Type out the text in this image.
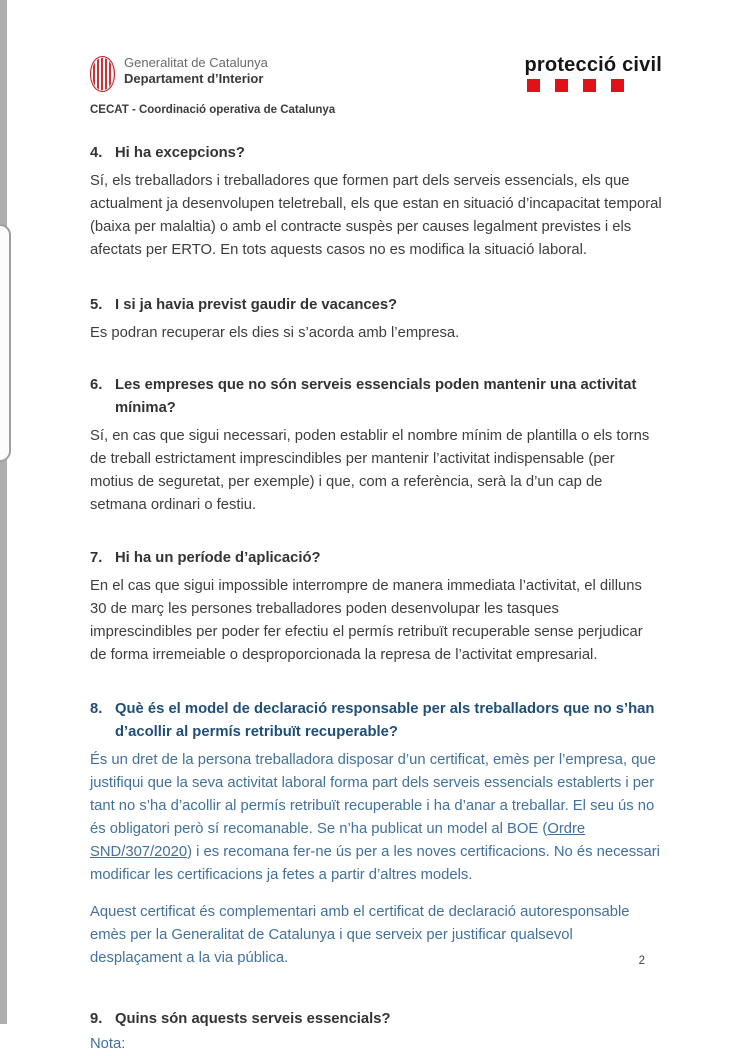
Generalitat de Catalunya
Departament d’Interior
protecció civil
CECAT - Coordinació operativa de Catalunya
4. Hi ha excepcions?

Sí, els treballadors i treballadores que formen part dels serveis essencials, els que actualment ja desenvolupen teletreball, els que estan en situació d’incapacitat temporal (baixa per malaltia) o amb el contracte suspès per causes legalment previstes i els afectats per ERTO. En tots aquests casos no es modifica la situació laboral.

5. I si ja havia previst gaudir de vacances?

Es podran recuperar els dies si s’acorda amb l’empresa.

6. Les empreses que no són serveis essencials poden mantenir una activitat mínima?

Sí, en cas que sigui necessari, poden establir el nombre mínim de plantilla o els torns de treball estrictament imprescindibles per mantenir l’activitat indispensable (per motius de seguretat, per exemple) i que, com a referència, serà la d’un cap de setmana ordinari o festiu.

7. Hi ha un període d’aplicació?

En el cas que sigui impossible interrompre de manera immediata l’activitat, el dilluns 30 de març les persones treballadores poden desenvolupar les tasques imprescindibles per poder fer efectiu el permís retribuït recuperable sense perjudicar de forma irremeiable o desproporcionada la represa de l’activitat empresarial.

8. Què és el model de declaració responsable per als treballadors que no s’han d’acollir al permís retribuït recuperable?

És un dret de la persona treballadora disposar d’un certificat, emès per l’empresa, que justifiqui que la seva activitat laboral forma part dels serveis essencials establerts i per tant no s’ha d’acollir al permís retribuït recuperable i ha d’anar a treballar. El seu ús no és obligatori però sí recomanable. Se n’ha publicat un model al BOE (Ordre SND/307/2020) i es recomana fer-ne ús per a les noves certificacions. No és necessari modificar les certificacions ja fetes a partir d’altres models.

Aquest certificat és complementari amb el certificat de declaració autoresponsable emès per la Generalitat de Catalunya i que serveix per justificar qualsevol desplaçament a la via pública.

9. Quins són aquests serveis essencials?

Nota:

2
